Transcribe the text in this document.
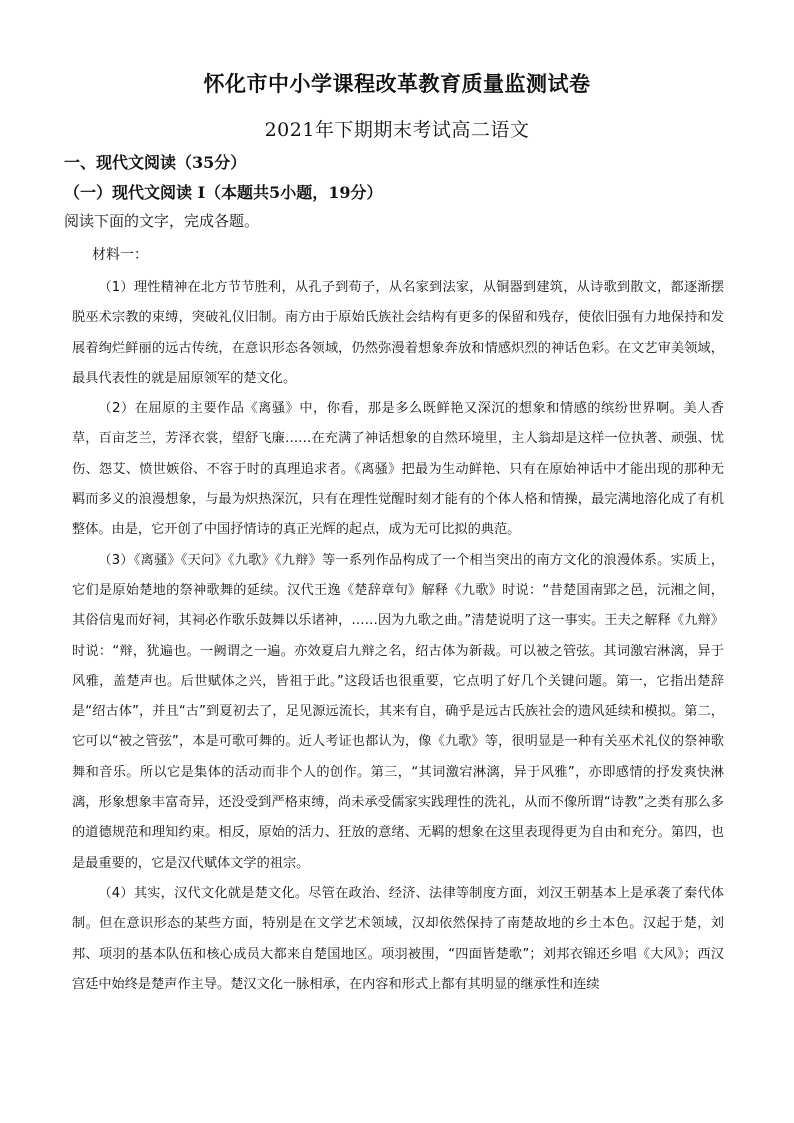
怀化市中小学课程改革教育质量监测试卷
2021年下期期末考试高二语文
一、现代文阅读（35分）
（一）现代文阅读 I（本题共5小题，19分）
阅读下面的文字，完成各题。
材料一：

（1）理性精神在北方节节胜利，从孔子到荀子，从名家到法家，从铜器到建筑，从诗歌到散文，都逐渐摆脱巫术宗教的束缚，突破礼仪旧制。南方由于原始氏族社会结构有更多的保留和残存，使依旧强有力地保持和发展着绚烂鲜丽的远古传统，在意识形态各领域，仍然弥漫着想象奔放和情感炽烈的神话色彩。在文艺审美领域，最具代表性的就是屈原领军的楚文化。

（2）在屈原的主要作品《离骚》中，你看，那是多么既鲜艳又深沉的想象和情感的缤纷世界啊。美人香草，百亩芝兰，芳泽衣裳，望舒飞廉……在充满了神话想象的自然环境里，主人翁却是这样一位执著、顽强、忧伤、怨艾、愤世嫉俗、不容于时的真理追求者。《离骚》把最为生动鲜艳、只有在原始神话中才能出现的那种无羁而多义的浪漫想象，与最为炽热深沉，只有在理性觉醒时刻才能有的个体人格和情操，最完满地溶化成了有机整体。由是，它开创了中国抒情诗的真正光辉的起点，成为无可比拟的典范。

（3）《离骚》《天问》《九歌》《九辩》等一系列作品构成了一个相当突出的南方文化的浪漫体系。实质上，它们是原始楚地的祭神歌舞的延续。汉代王逸《楚辞章句》解释《九歌》时说：“昔楚国南郢之邑，沅湘之间，其俗信鬼而好祠，其祠必作歌乐鼓舞以乐诸神，……因为九歌之曲。”清楚说明了这一事实。王夫之解释《九辩》时说：“辩，犹遍也。一阙谓之一遍。亦效夏启九辩之名，绍古体为新裁。可以被之管弦。其词激宕淋漓，异于风雅，盖楚声也。后世赋体之兴，皆祖于此。”这段话也很重要，它点明了好几个关键问题。第一，它指出楚辞是“绍古体”，并且“古”到夏初去了，足见源远流长，其来有自，确乎是远古氏族社会的遗风延续和模拟。第二，它可以“被之管弦”，本是可歌可舞的。近人考证也都认为，像《九歌》等，很明显是一种有关巫术礼仪的祭神歌舞和音乐。所以它是集体的活动而非个人的创作。第三，“其词激宕淋漓，异于风雅”，亦即感情的抒发爽快淋漓，形象想象丰富奇异，还没受到严格束缚，尚未承受儒家实践理性的洗礼，从而不像所谓“诗教”之类有那么多的道德规范和理知约束。相反，原始的活力、狂放的意绪、无羁的想象在这里表现得更为自由和充分。第四，也是最重要的，它是汉代赋体文学的祖宗。

（4）其实，汉代文化就是楚文化。尽管在政治、经济、法律等制度方面，刘汉王朝基本上是承袭了秦代体制。但在意识形态的某些方面，特别是在文学艺术领域，汉却依然保持了南楚故地的乡土本色。汉起于楚，刘邦、项羽的基本队伍和核心成员大都来自楚国地区。项羽被围，“四面皆楚歌”；刘邦衣锦还乡唱《大风》；西汉宫廷中始终是楚声作主导。楚汉文化一脉相承，在内容和形式上都有其明显的继承性和连续
